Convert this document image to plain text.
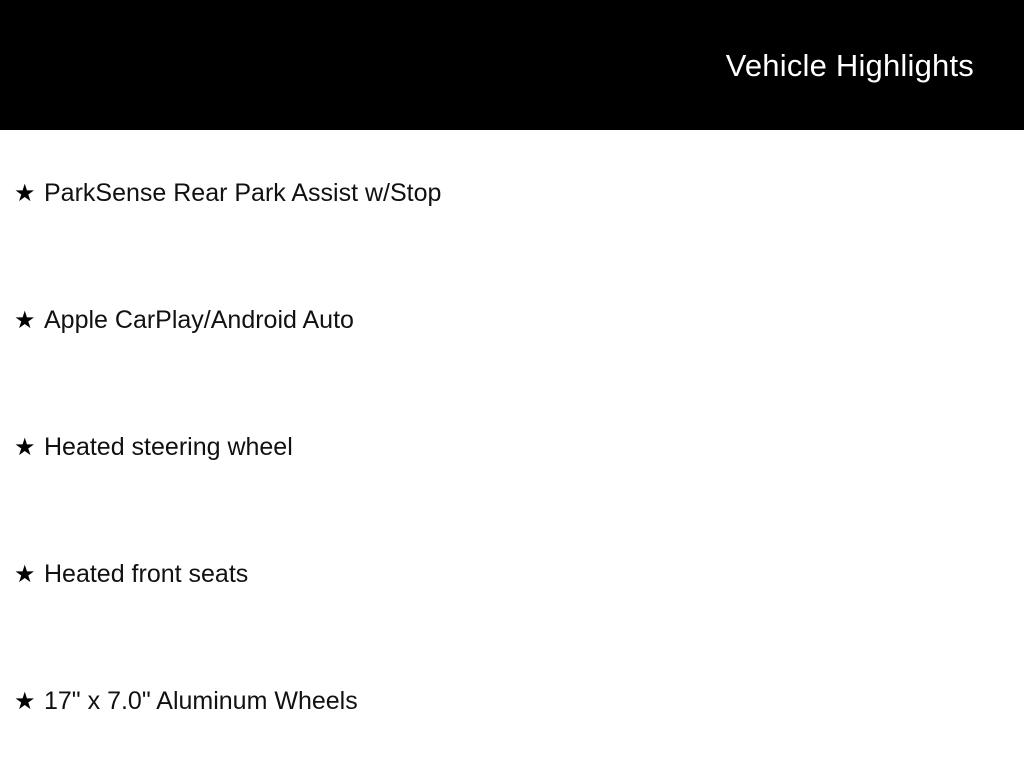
Vehicle Highlights
★ ParkSense Rear Park Assist w/Stop
★ Apple CarPlay/Android Auto
★ Heated steering wheel
★ Heated front seats
★ 17" x 7.0" Aluminum Wheels
